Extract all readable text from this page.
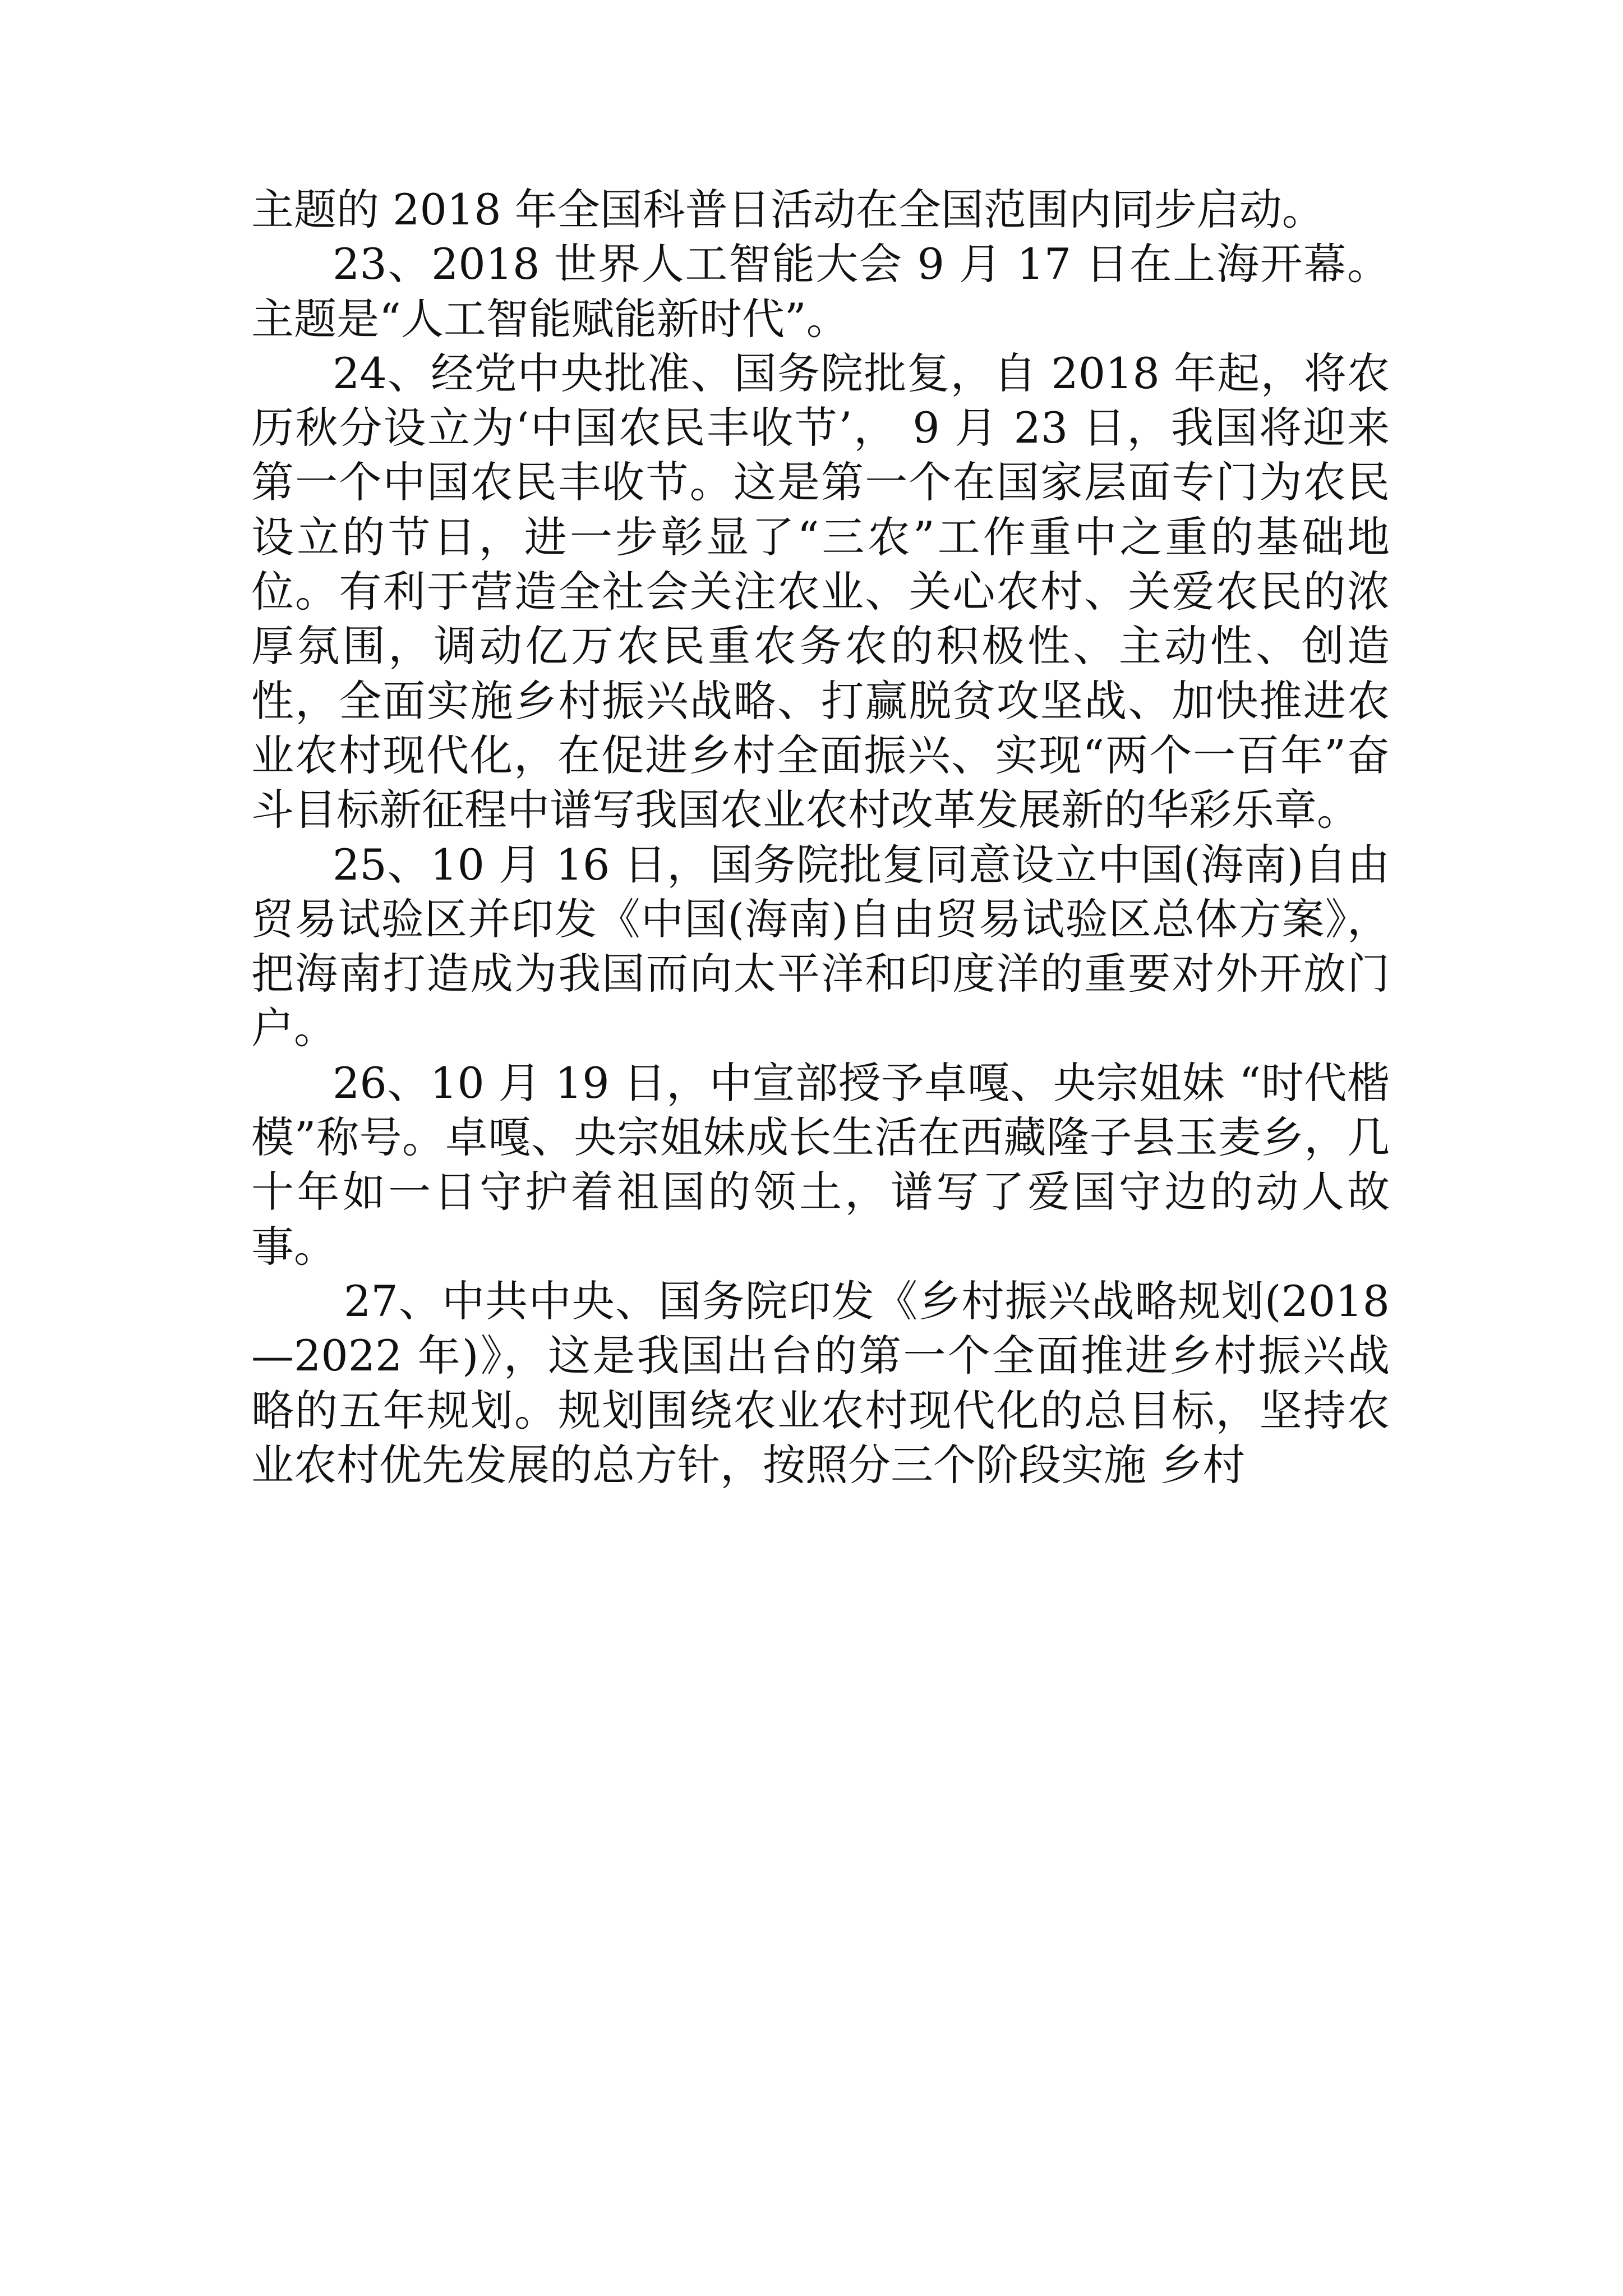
主题的 2018 年全国科普日活动在全国范围内同步启动。

23、2018 世界人工智能大会 9 月 17 日在上海开幕。主题是“人工智能赋能新时代”。

24、经党中央批准、国务院批复，自 2018 年起，将农历秋分设立为‘中国农民丰收节’， 9 月 23 日，我国将迎来第一个中国农民丰收节。这是第一个在国家层面专门为农民设立的节日，进一步彰显了“三农”工作重中之重的基础地位。有利于营造全社会关注农业、关心农村、关爱农民的浓厚氛围，调动亿万农民重农务农的积极性、主动性、创造性，全面实施乡村振兴战略、打赢脱贫攻坚战、加快推进农业农村现代化，在促进乡村全面振兴、实现“两个一百年”奋斗目标新征程中谱写我国农业农村改革发展新的华彩乐章。

25、10 月 16 日，国务院批复同意设立中国(海南)自由贸易试验区并印发《中国(海南)自由贸易试验区总体方案》，把海南打造成为我国而向太平洋和印度洋的重要对外开放门户。

26、10 月 19 日，中宣部授予卓嘎、央宗姐妹 “时代楷模”称号。卓嘎、央宗姐妹成长生活在西藏隆子县玉麦乡，几十年如一日守护着祖国的领土，谱写了爱国守边的动人故事。

27、中共中央、国务院印发《乡村振兴战略规划(2018—2022 年)》，这是我国出台的第一个全面推进乡村振兴战略的五年规划。规划围绕农业农村现代化的总目标，坚持农业农村优先发展的总方针，按照分三个阶段实施 乡村
